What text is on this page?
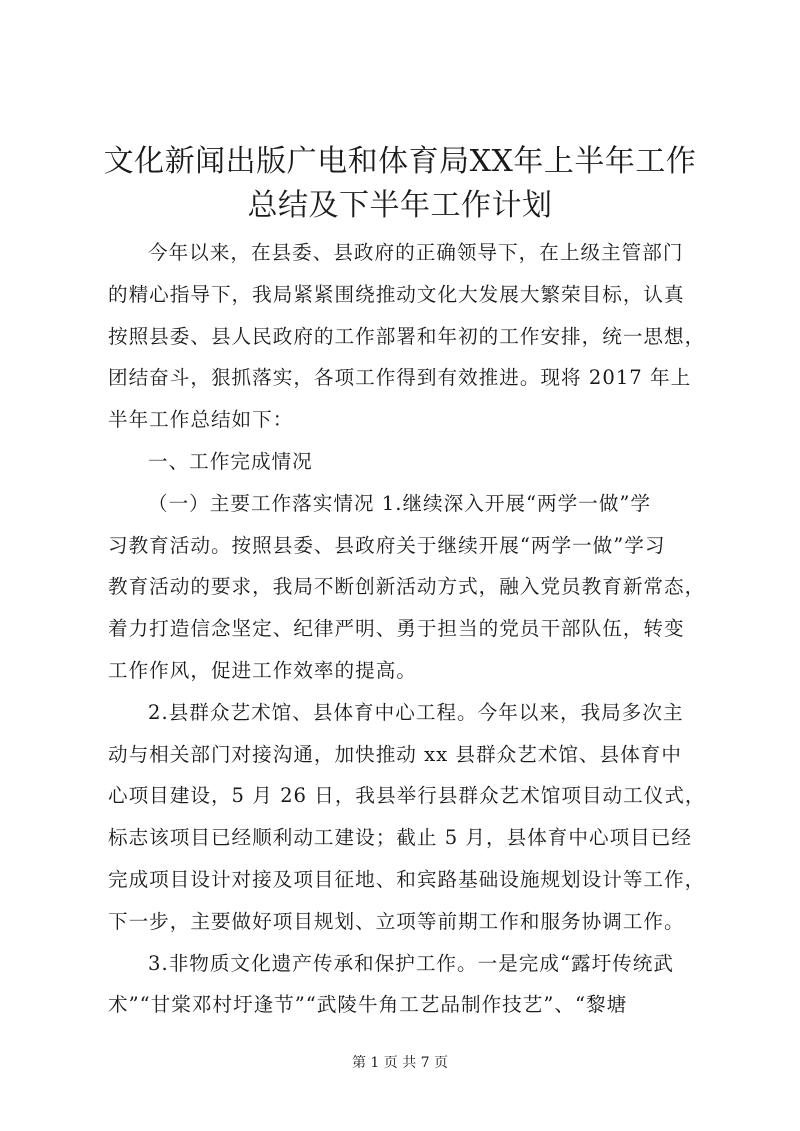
文化新闻出版广电和体育局XX年上半年工作
总结及下半年工作计划
今年以来，在县委、县政府的正确领导下，在上级主管部门
的精心指导下，我局紧紧围绕推动文化大发展大繁荣目标，认真
按照县委、县人民政府的工作部署和年初的工作安排，统一思想，
团结奋斗，狠抓落实，各项工作得到有效推进。现将 2017 年上
半年工作总结如下：
一、工作完成情况
（一）主要工作落实情况 1.继续深入开展“两学一做”学
习教育活动。按照县委、县政府关于继续开展“两学一做”学习
教育活动的要求，我局不断创新活动方式，融入党员教育新常态，
着力打造信念坚定、纪律严明、勇于担当的党员干部队伍，转变
工作作风，促进工作效率的提高。
2.县群众艺术馆、县体育中心工程。今年以来，我局多次主
动与相关部门对接沟通，加快推动 xx 县群众艺术馆、县体育中
心项目建设，5 月 26 日，我县举行县群众艺术馆项目动工仪式，
标志该项目已经顺利动工建设；截止 5 月，县体育中心项目已经
完成项目设计对接及项目征地、和宾路基础设施规划设计等工作，
下一步，主要做好项目规划、立项等前期工作和服务协调工作。
3.非物质文化遗产传承和保护工作。一是完成“露圩传统武
术”“甘棠邓村圩逢节”“武陵牛角工艺品制作技艺”、“黎塘
第 1 页 共 7 页
